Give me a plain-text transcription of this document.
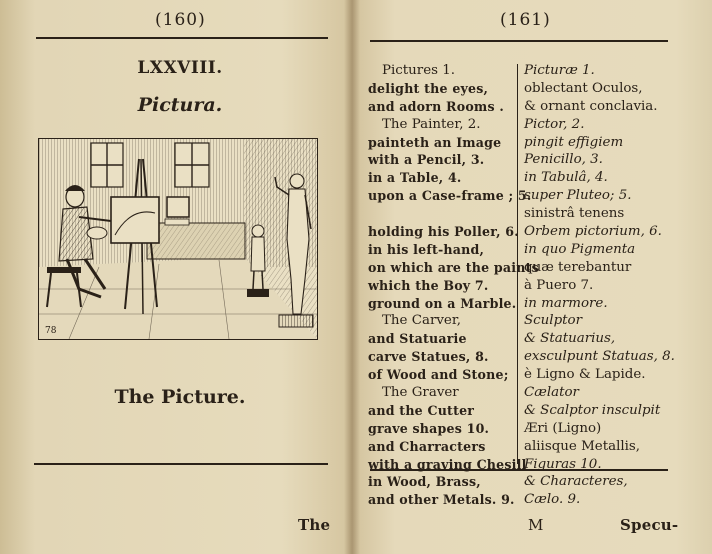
(160)
LXXVIII.
Pictura.
78
The Picture.
The
(161)
Pictures 1.
delight the eyes,
and adorn Rooms .
The Painter, 2.
painteth an Image
with a Pencil, 3.
in a Table, 4.
upon a Case-frame ; 5.
holding his Poller, 6.
in his left-hand,
on which are the paints
which the Boy 7.
ground on a Marble.
The Carver,
and Statuarie
carve Statues, 8.
of Wood and Stone;
The Graver
and the Cutter
grave shapes 10.
and Charracters
with a graving Chesill
in Wood, Brass,
and other Metals. 9.
Picturæ 1.
oblectant Oculos,
& ornant conclavia.
Pictor, 2.
pingit effigiem
Penicillo, 3.
in Tabulâ, 4.
super Pluteo; 5.
sinistrâ tenens
Orbem pictorium, 6.
in quo Pigmenta
quæ terebantur
à Puero 7.
in marmore.
Sculptor
& Statuarius,
exsculpunt Statuas, 8.
è Ligno & Lapide.
Cælator
& Scalptor insculpit
Æri (Ligno)
aliisque Metallis,
Figuras 10.
& Characteres,
Cælo. 9.
M	Specu-
